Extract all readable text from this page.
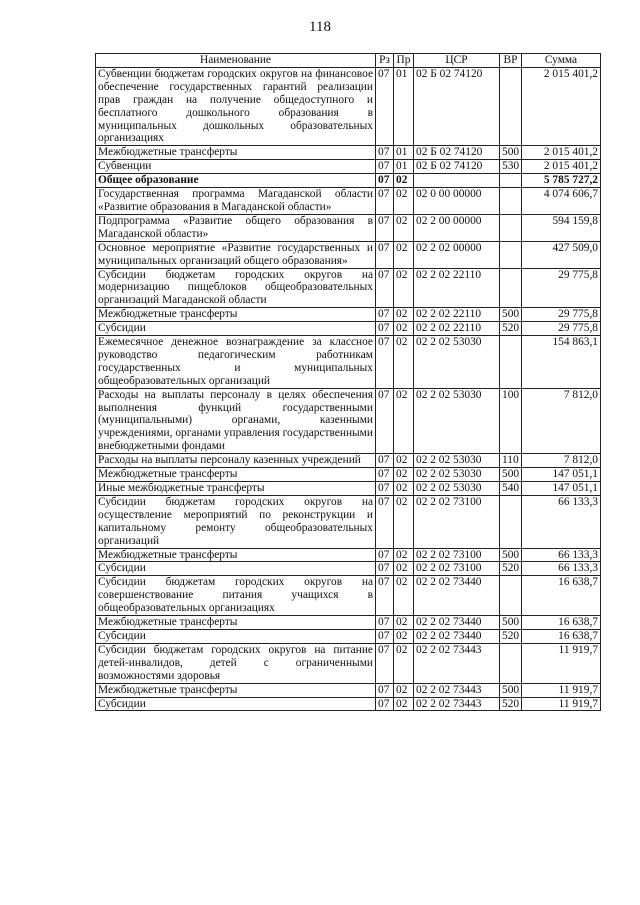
118
Наименование	Рз	Пр	ЦСР	ВР	Сумма
Субвенции бюджетам городских округов на финансовое обеспечение государственных гарантий реализации прав граждан на получение общедоступного и бесплатного дошкольного образования в муниципальных дошкольных образовательных организациях	07	01	02 Б 02 74120		2 015 401,2
Межбюджетные трансферты	07	01	02 Б 02 74120	500	2 015 401,2
Субвенции	07	01	02 Б 02 74120	530	2 015 401,2
Общее образование	07	02			5 785 727,2
Государственная программа Магаданской области «Развитие образования в Магаданской области»	07	02	02 0 00 00000		4 074 606,7
Подпрограмма «Развитие общего образования в Магаданской области»	07	02	02 2 00 00000		594 159,8
Основное мероприятие «Развитие государственных и муниципальных организаций общего образования»	07	02	02 2 02 00000		427 509,0
Субсидии бюджетам городских округов на модернизацию пищеблоков общеобразовательных организаций Магаданской области	07	02	02 2 02 22110		29 775,8
Межбюджетные трансферты	07	02	02 2 02 22110	500	29 775,8
Субсидии	07	02	02 2 02 22110	520	29 775,8
Ежемесячное денежное вознаграждение за классное руководство педагогическим работникам государственных и муниципальных общеобразовательных организаций	07	02	02 2 02 53030		154 863,1
Расходы на выплаты персоналу в целях обеспечения выполнения функций государственными (муниципальными) органами, казенными учреждениями, органами управления государственными внебюджетными фондами	07	02	02 2 02 53030	100	7 812,0
Расходы на выплаты персоналу казенных учреждений	07	02	02 2 02 53030	110	7 812,0
Межбюджетные трансферты	07	02	02 2 02 53030	500	147 051,1
Иные межбюджетные трансферты	07	02	02 2 02 53030	540	147 051,1
Субсидии бюджетам городских округов на осуществление мероприятий по реконструкции и капитальному ремонту общеобразовательных организаций	07	02	02 2 02 73100		66 133,3
Межбюджетные трансферты	07	02	02 2 02 73100	500	66 133,3
Субсидии	07	02	02 2 02 73100	520	66 133,3
Субсидии бюджетам городских округов на совершенствование питания учащихся в общеобразовательных организациях	07	02	02 2 02 73440		16 638,7
Межбюджетные трансферты	07	02	02 2 02 73440	500	16 638,7
Субсидии	07	02	02 2 02 73440	520	16 638,7
Субсидии бюджетам городских округов на питание детей-инвалидов, детей с ограниченными возможностями здоровья	07	02	02 2 02 73443		11 919,7
Межбюджетные трансферты	07	02	02 2 02 73443	500	11 919,7
Субсидии	07	02	02 2 02 73443	520	11 919,7
